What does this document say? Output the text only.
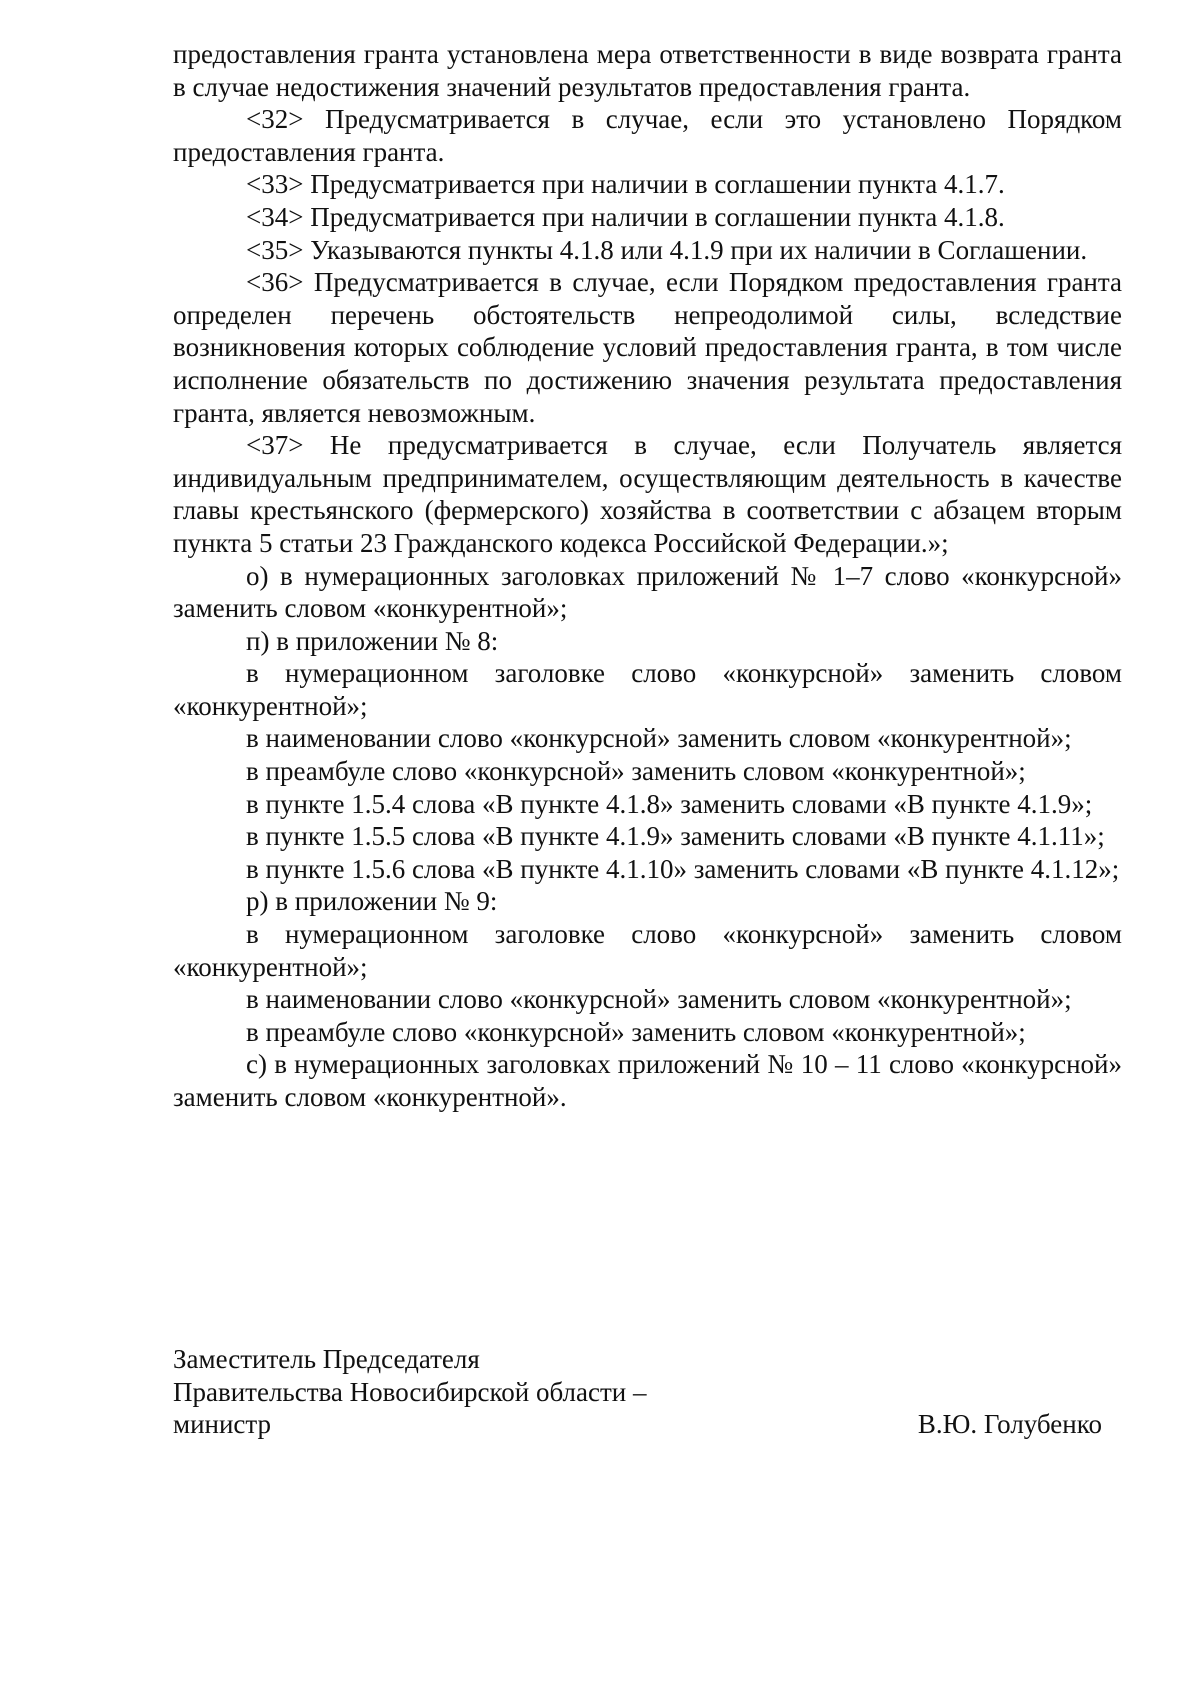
предоставления гранта установлена мера ответственности в виде возврата гранта в случае недостижения значений результатов предоставления гранта.

<32> Предусматривается в случае, если это установлено Порядком предоставления гранта.

<33> Предусматривается при наличии в соглашении пункта 4.1.7.

<34> Предусматривается при наличии в соглашении пункта 4.1.8.

<35> Указываются пункты 4.1.8 или 4.1.9 при их наличии в Соглашении.

<36> Предусматривается в случае, если Порядком предоставления гранта определен перечень обстоятельств непреодолимой силы, вследствие возникновения которых соблюдение условий предоставления гранта, в том числе исполнение обязательств по достижению значения результата предоставления гранта, является невозможным.

<37> Не предусматривается в случае, если Получатель является индивидуальным предпринимателем, осуществляющим деятельность в качестве главы крестьянского (фермерского) хозяйства в соответствии с абзацем вторым пункта 5 статьи 23 Гражданского кодекса Российской Федерации.»;

о) в нумерационных заголовках приложений № 1–7 слово «конкурсной» заменить словом «конкурентной»;

п) в приложении № 8:

в нумерационном заголовке слово «конкурсной» заменить словом «конкурентной»;

в наименовании слово «конкурсной» заменить словом «конкурентной»;

в преамбуле слово «конкурсной» заменить словом «конкурентной»;

в пункте 1.5.4 слова «В пункте 4.1.8» заменить словами «В пункте 4.1.9»;

в пункте 1.5.5 слова «В пункте 4.1.9» заменить словами «В пункте 4.1.11»;

в пункте 1.5.6 слова «В пункте 4.1.10» заменить словами «В пункте 4.1.12»;

р) в приложении № 9:

в нумерационном заголовке слово «конкурсной» заменить словом «конкурентной»;

в наименовании слово «конкурсной» заменить словом «конкурентной»;

в преамбуле слово «конкурсной» заменить словом «конкурентной»;

с) в нумерационных заголовках приложений № 10 – 11 слово «конкурсной» заменить словом «конкурентной».

Заместитель Председателя
Правительства Новосибирской области –
министр	В.Ю. Голубенко
